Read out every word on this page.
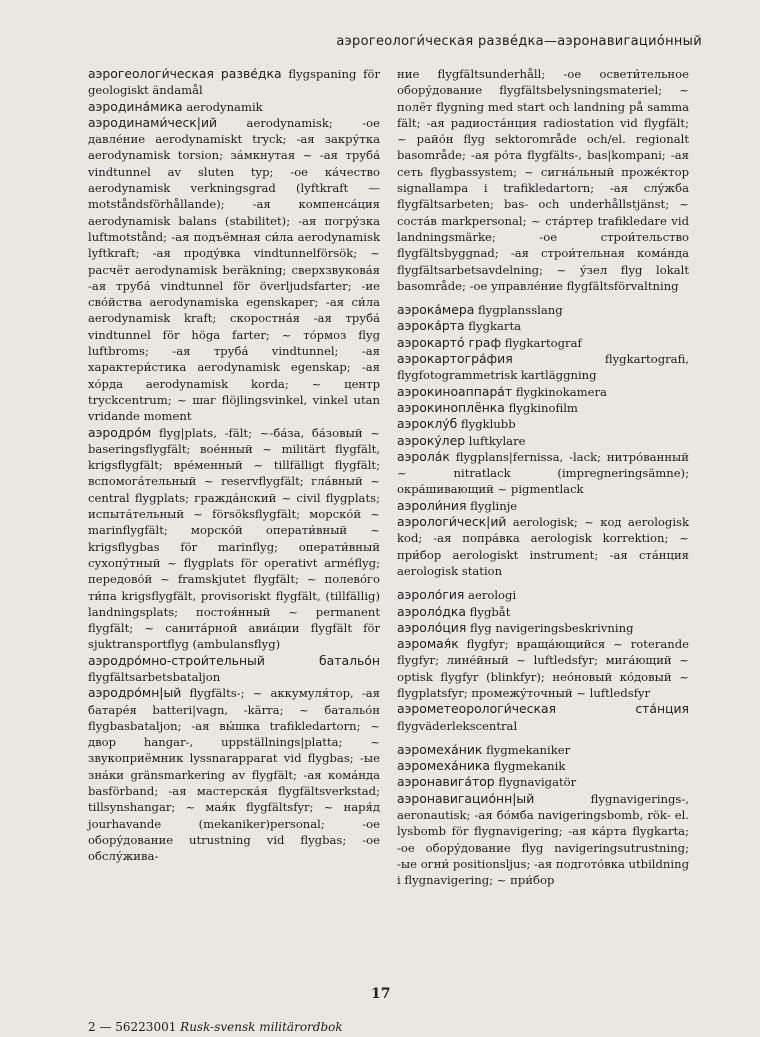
аэрогеологи́ческая разве́дка—аэронавигацио́нный

аэрогеологи́ческая разве́дка flygspaning för geologiskt ändamål

аэродина́мика aerodynamik

аэродинами́ческ|ий	aerodynamisk; -ое давле́ние aerodynamiskt tryck; -ая закру́тка aerodynamisk torsion; за́мкнутая ~ -ая труба́ vindtunnel av sluten typ; -ое ка́чество aerodynamisk verkningsgrad (lyftkraft — motståndsförhållande); -ая компенса́ция aerodynamisk balans (stabilitet); -ая погру́зка luftmotstånd; -ая подъёмная си́ла aerodynamisk lyftkraft; -ая проду́вка vindtunnelförsök; ~ расчёт aerodynamisk beräkning; сверхзвукова́я -ая труба́ vindtunnel för överljudsfarter; -ие сво́йства aerodynamiska egenskaper; -ая си́ла aerodynamisk kraft; скоростна́я -ая труба́ vindtunnel för höga farter; ~ то́рмоз flyg luftbroms; -ая труба́ vindtunnel; -ая характери́стика aerodynamisk egenskap; -ая хо́рда aerodynamisk korda; ~ центр tryckcentrum; ~ шаг flöjlingsvinkel, vinkel utan vridande moment

аэродро́м flyg|plats, -fält; ~-ба́за, ба́зовый ~ baseringsflygfält; вое́нный ~ militärt flygfält, krigsflygfält; вре́менный ~ tillfälligt flygfält; вспомога́тельный ~ reservflygfält; гла́вный ~ central flygplats; гражда́нский ~ civil flygplats; испыта́тельный ~ försöksflygfält; морско́й ~ marinflygfält; морско́й операти́вный ~ krigsflygbas för marinflyg; операти́вный сухопу́тный ~ flygplats för operativt arméflyg; передово́й ~ framskjutet flygfält; ~ полево́го ти́па krigsflygfält, provisoriskt flygfält, (tillfällig) landningsplats; постоя́нный ~ permanent flygfält; ~ санита́рной авиа́ции flygfält för sjuktransportflyg (ambulansflyg)

аэродро́мно-строи́тельный батальо́н flygfältsarbetsbataljon

аэродро́мн|ый flygfälts-; ~ аккумуля́тор, -ая батаре́я batteri|vagn, -kärra; ~ батальо́н flygbasbataljon; -ая вы́шка trafikledartorn; ~ двор hangar-, uppställnings|platta; ~ звукоприёмник lyssnarapparat vid flygbas; -ые зна́ки gränsmarkering av flygfält; -ая кома́нда basförband; -ая мастерска́я flygfältsverkstad; tillsynshangar; ~ мая́к flygfältsfyr; ~ наря́д jourhavande (mekaniker)personal; -ое обору́дование utrustning vid flygbas; -ое обслу́жива-

ние flygfältsunderhåll; -ое освети́тельное обору́дование flygfältsbelysningsmateriel; ~ полёт flygning med start och landning på samma fält; -ая радиоста́нция radiostation vid flygfält; ~ райо́н flyg sektorområde och/el. regionalt basområde; -ая ро́та flygfälts-, bas|kompani; -ая сеть flygbassystem; ~ сигна́льный проже́ктор signallampa i trafikledartorn; -ая слу́жба flygfältsarbeten; bas- och underhållstjänst; ~ соста́в markpersonal; ~ ста́ртер trafikledare vid landningsmärke; -ое строи́тельство flygfältsbyggnad; -ая строи́тельная кома́нда flygfältsarbetsavdelning; ~ у́зел flyg lokalt basområde; -ое управле́ние flygfältsförvaltning

аэрока́мера flygplansslang

аэрока́рта flygkarta

аэрокартó граф flygkartograf

аэрокартогра́фия	flygkartografi, flygfotogrammetrisk kartläggning

аэрокиноаппара́т flygkinokamera

аэрокиноплёнка flygkinofilm

аэроклу́б flygklubb

аэроку́лер luftkylare

аэрола́к flygplans|fernissa, -lack; нитро́ванный ~ nitratlack (impregneringsämne); окра́шивающий ~ pigmentlack

аэроли́ния flyglinje

аэрологи́ческ|ий aerologisk; ~ код aerologisk kod; -ая попра́вка aerologisk korrektion; ~ при́бор aerologiskt instrument; -ая ста́нция aerologisk station

аэроло́гия aerologi

аэроло́дка flygbåt

аэроло́ция flyg navigeringsbeskrivning

аэромая́к flygfyr; враща́ющийся ~ roterande flygfyr; лине́йный ~ luftledsfyr; мига́ющий ~ optisk flygfyr (blinkfyr); нео́новый ко́довый ~ flygplatsfyr; промежу́точный ~ luftledsfyr

аэрометеорологи́ческая ста́нция flygväderlekscentral

аэромеха́ник flygmekaniker

аэромеха́ника flygmekanik

аэронавига́тор flygnavigatör

аэронавигацио́нн|ый	flygnavigerings-, aeronautisk; -ая бо́мба navigeringsbomb, rök- el. lysbomb för flygnavigering; -ая ка́рта flygkarta; -ое обору́дование flyg navigeringsutrustning; -ые огни́ positionsljus; -ая подгото́вка utbildning i flygnavigering; ~ при́бор

17
2 — 56223001 Rusk-svensk militärordbok
